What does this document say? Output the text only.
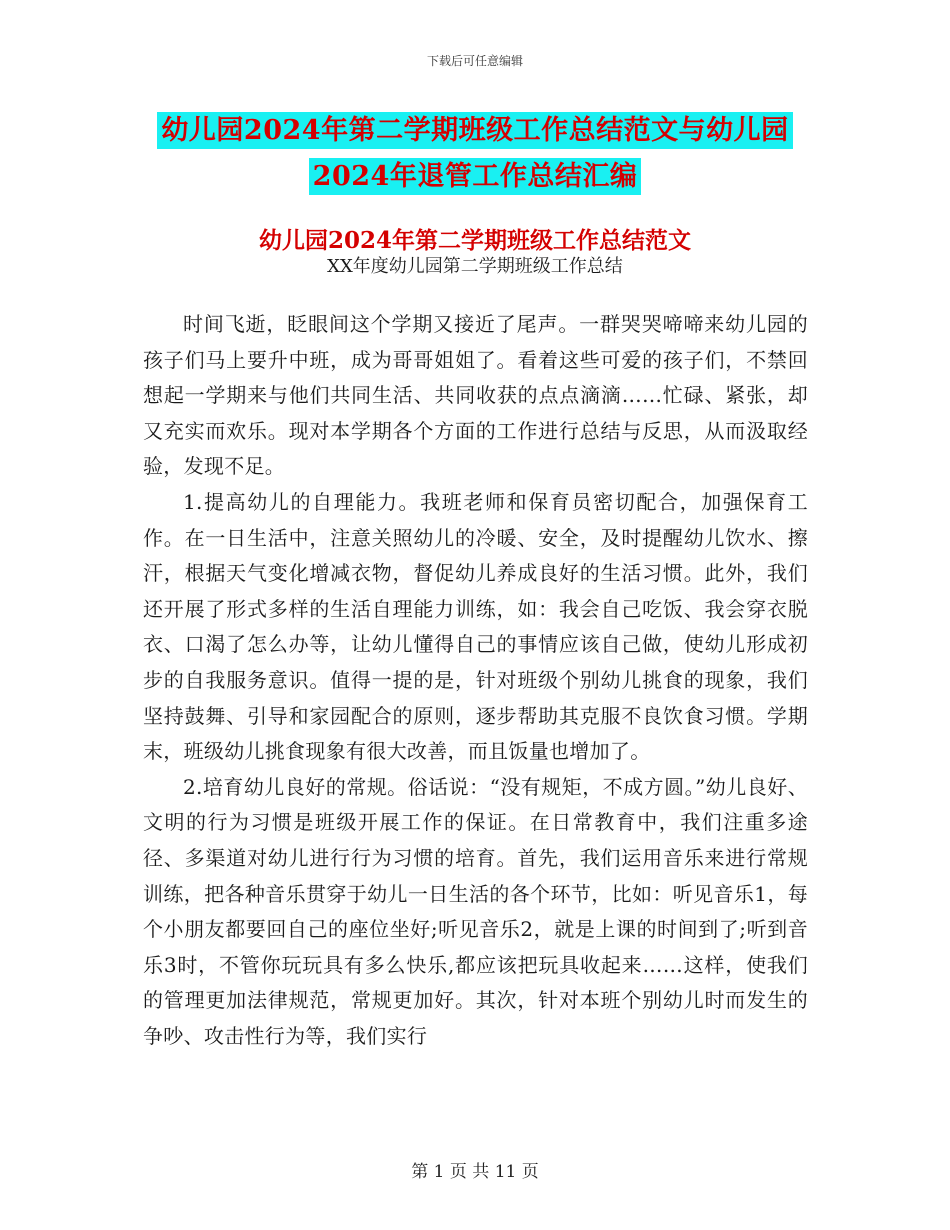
下载后可任意编辑
幼儿园2024年第二学期班级工作总结范文与幼儿园
2024年退管工作总结汇编
幼儿园2024年第二学期班级工作总结范文
XX年度幼儿园第二学期班级工作总结

时间飞逝，眨眼间这个学期又接近了尾声。一群哭哭啼啼来幼儿园的孩子们马上要升中班，成为哥哥姐姐了。看着这些可爱的孩子们，不禁回想起一学期来与他们共同生活、共同收获的点点滴滴……忙碌、紧张，却又充实而欢乐。现对本学期各个方面的工作进行总结与反思，从而汲取经验，发现不足。

1.提高幼儿的自理能力。我班老师和保育员密切配合，加强保育工作。在一日生活中，注意关照幼儿的冷暖、安全，及时提醒幼儿饮水、擦汗，根据天气变化增减衣物，督促幼儿养成良好的生活习惯。此外，我们还开展了形式多样的生活自理能力训练，如：我会自己吃饭、我会穿衣脱衣、口渴了怎么办等，让幼儿懂得自己的事情应该自己做，使幼儿形成初步的自我服务意识。值得一提的是，针对班级个别幼儿挑食的现象，我们坚持鼓舞、引导和家园配合的原则，逐步帮助其克服不良饮食习惯。学期末，班级幼儿挑食现象有很大改善，而且饭量也增加了。

2.培育幼儿良好的常规。俗话说：“没有规矩，不成方圆。”幼儿良好、文明的行为习惯是班级开展工作的保证。在日常教育中，我们注重多途径、多渠道对幼儿进行行为习惯的培育。首先，我们运用音乐来进行常规训练，把各种音乐贯穿于幼儿一日生活的各个环节，比如：听见音乐1，每个小朋友都要回自己的座位坐好;听见音乐2，就是上课的时间到了;听到音乐3时，不管你玩玩具有多么快乐,都应该把玩具收起来……这样，使我们的管理更加法律规范，常规更加好。其次，针对本班个别幼儿时而发生的争吵、攻击性行为等，我们实行

第 1 页 共 11 页
